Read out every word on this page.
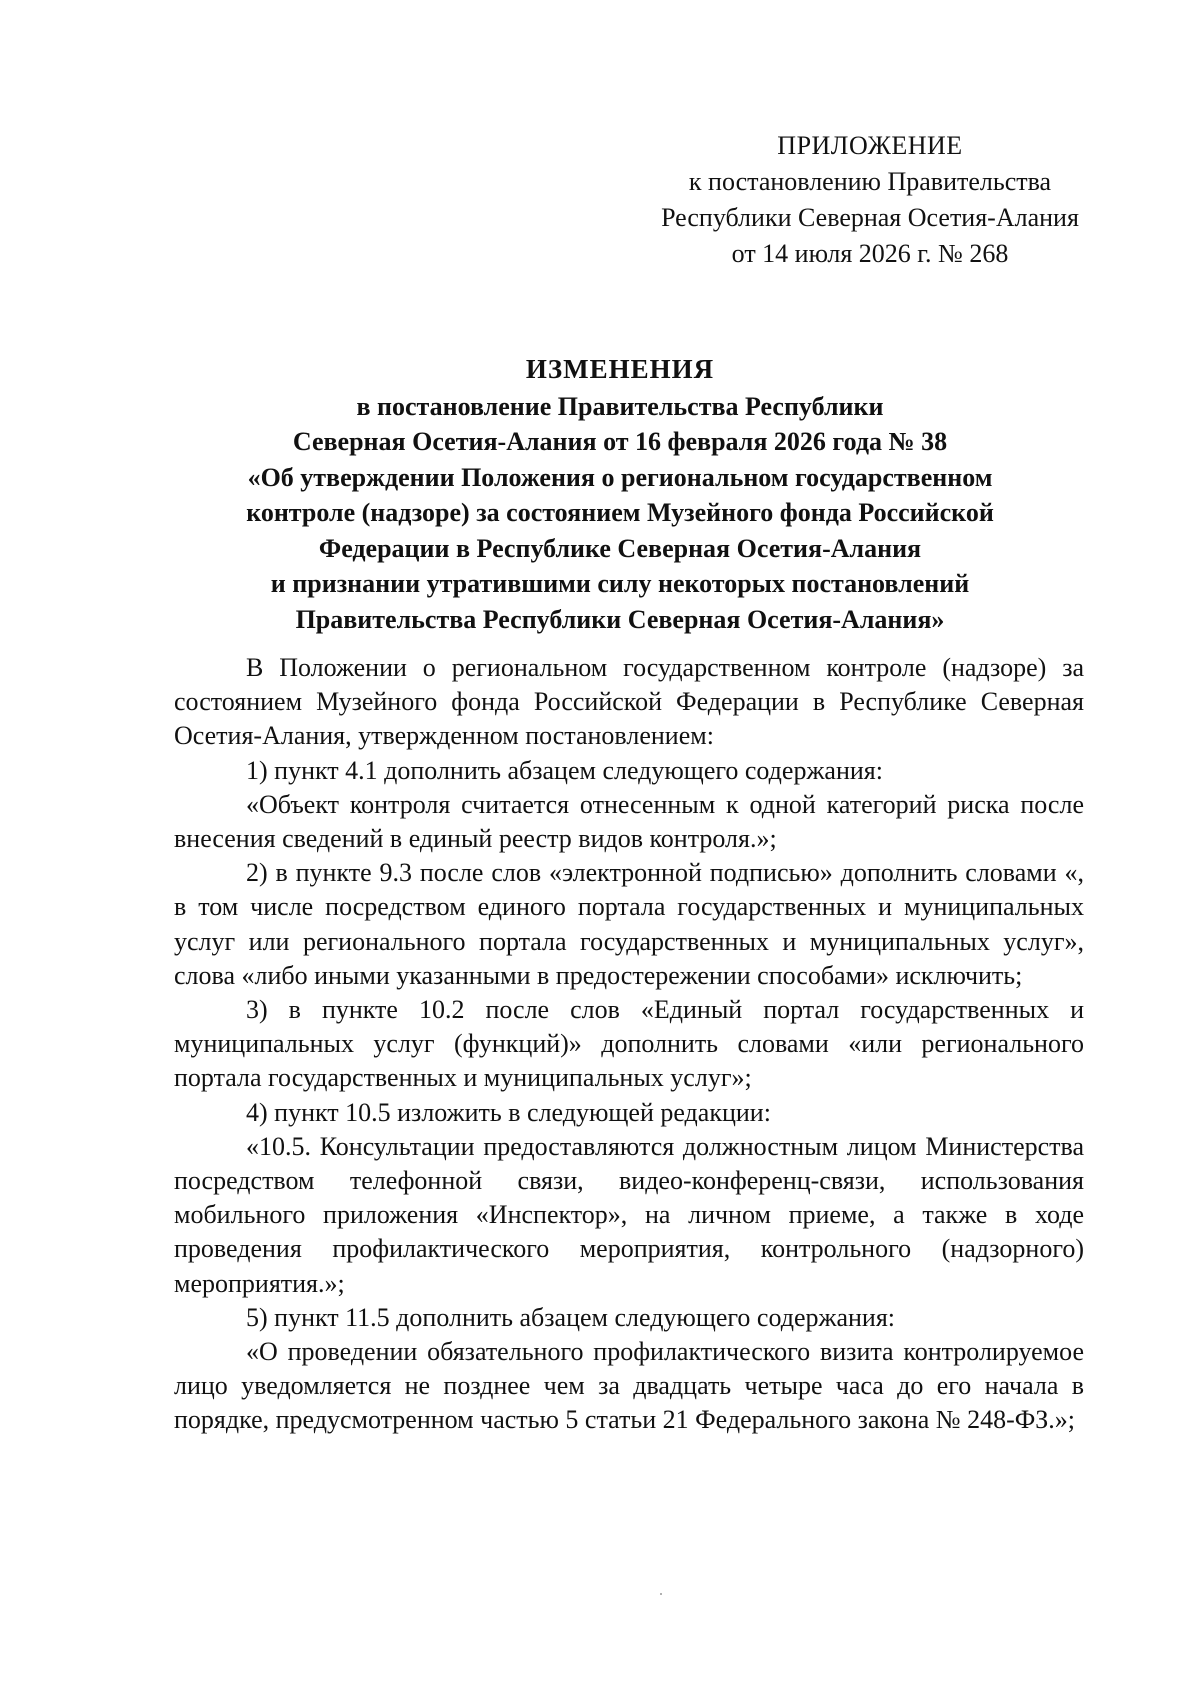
ПРИЛОЖЕНИЕ
к постановлению Правительства
Республики Северная Осетия-Алания
от 14 июля 2026 г. № 268
ИЗМЕНЕНИЯ
в постановление Правительства Республики
Северная Осетия-Алания от 16 февраля 2026 года № 38
«Об утверждении Положения о региональном государственном
контроле (надзоре) за состоянием Музейного фонда Российской
Федерации в Республике Северная Осетия-Алания
и признании утратившими силу некоторых постановлений
Правительства Республики Северная Осетия-Алания»

В Положении о региональном государственном контроле (надзоре) за состоянием Музейного фонда Российской Федерации в Республике Северная Осетия-Алания, утвержденном постановлением:

1) пункт 4.1 дополнить абзацем следующего содержания:

«Объект контроля считается отнесенным к одной категорий риска после внесения сведений в единый реестр видов контроля.»;

2) в пункте 9.3 после слов «электронной подписью» дополнить словами «, в том числе посредством единого портала государственных и муниципальных услуг или регионального портала государственных и муниципальных услуг», слова «либо иными указанными в предостережении способами» исключить;

3) в пункте 10.2 после слов «Единый портал государственных и муниципальных услуг (функций)» дополнить словами «или регионального портала государственных и муниципальных услуг»;

4) пункт 10.5 изложить в следующей редакции:

«10.5. Консультации предоставляются должностным лицом Министерства посредством телефонной связи, видео-конференц-связи, использования мобильного приложения «Инспектор», на личном приеме, а также в ходе проведения профилактического мероприятия, контрольного (надзорного) мероприятия.»;

5) пункт 11.5 дополнить абзацем следующего содержания:

«О проведении обязательного профилактического визита контролируемое лицо уведомляется не позднее чем за двадцать четыре часа до его начала в порядке, предусмотренном частью 5 статьи 21 Федерального закона № 248-ФЗ.»;
